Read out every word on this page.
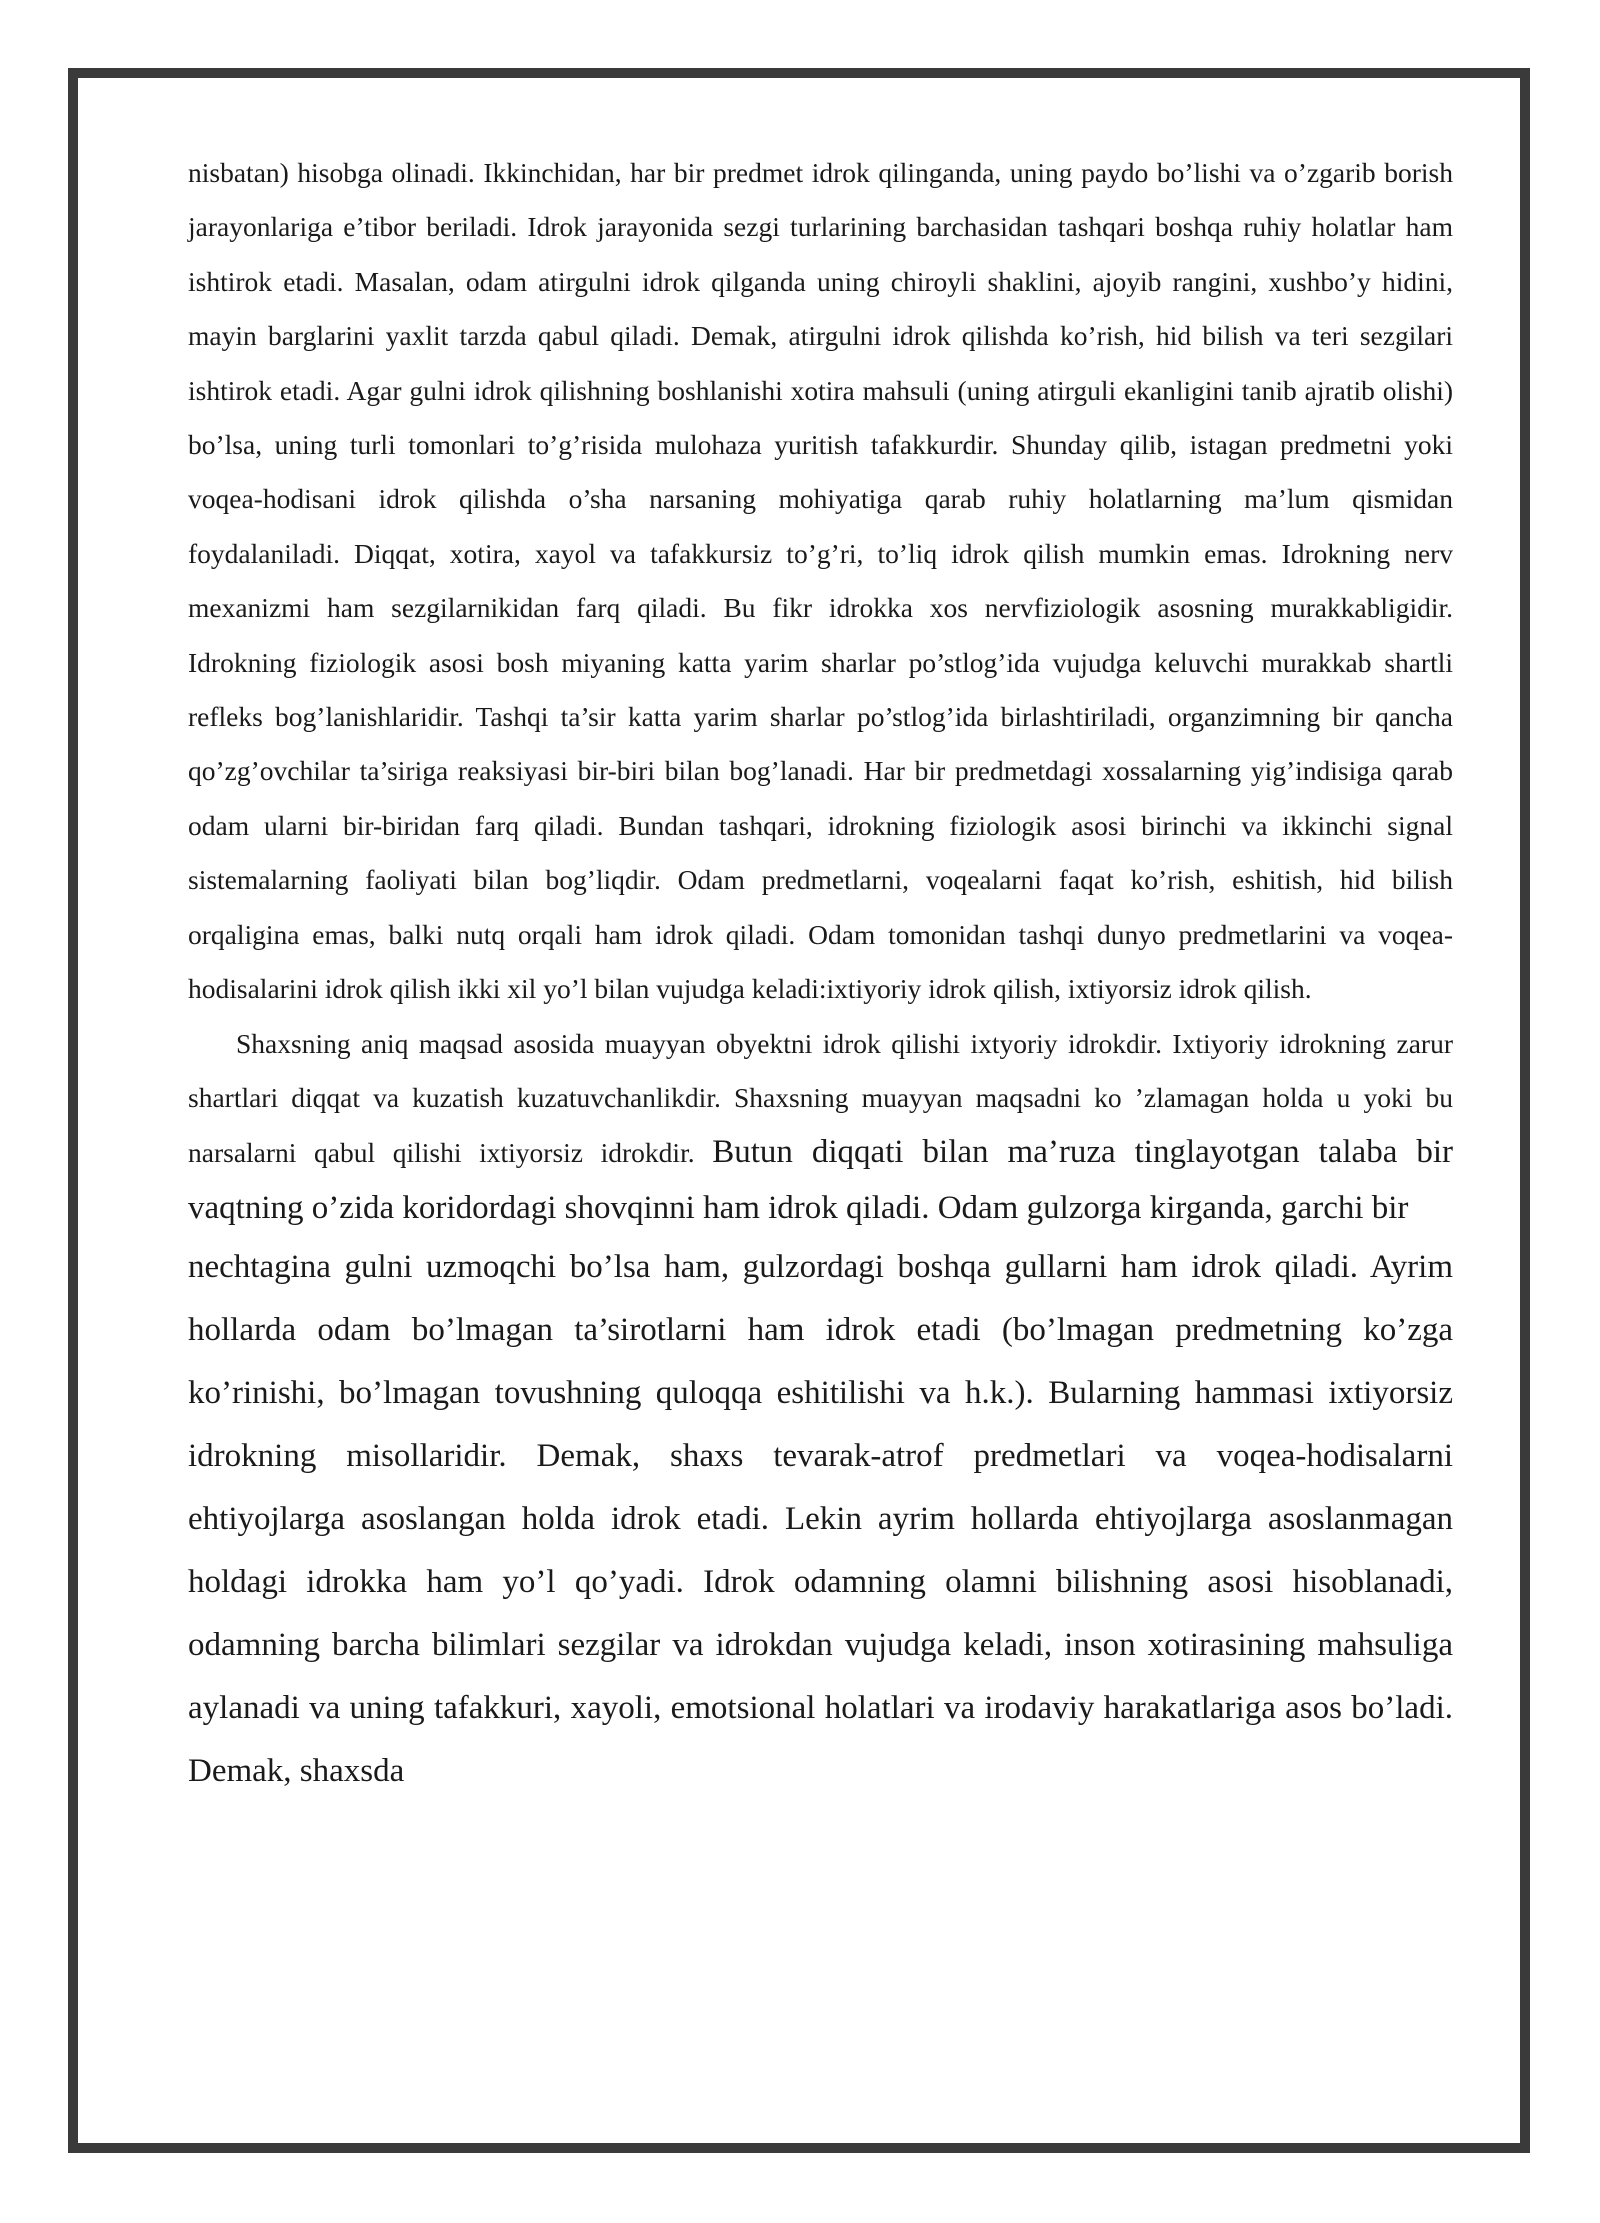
nisbatan) hisobga olinadi. Ikkinchidan, har bir predmet idrok qilinganda, uning paydo bo’lishi va o’zgarib borish jarayonlariga e’tibor beriladi. Idrok jarayonida sezgi turlarining barchasidan tashqari boshqa ruhiy holatlar ham ishtirok etadi. Masalan, odam atirgulni idrok qilganda uning chiroyli shaklini, ajoyib rangini, xushbo’y hidini, mayin barglarini yaxlit tarzda qabul qiladi. Demak, atirgulni idrok qilishda ko’rish, hid bilish va teri sezgilari ishtirok etadi. Agar gulni idrok qilishning boshlanishi xotira mahsuli (uning atirguli ekanligini tanib ajratib olishi) bo’lsa, uning turli tomonlari to’g’risida mulohaza yuritish tafakkurdir. Shunday qilib, istagan predmetni yoki voqea-hodisani idrok qilishda o’sha narsaning mohiyatiga qarab ruhiy holatlarning ma’lum qismidan foydalaniladi. Diqqat, xotira, xayol va tafakkursiz to’g’ri, to’liq idrok qilish mumkin emas. Idrokning nerv mexanizmi ham sezgilarnikidan farq qiladi. Bu fikr idrokka xos nervfiziologik asosning murakkabligidir. Idrokning fiziologik asosi bosh miyaning katta yarim sharlar po’stlog’ida vujudga keluvchi murakkab shartli refleks bog’lanishlaridir. Tashqi ta’sir katta yarim sharlar po’stlog’ida birlashtiriladi, organzimning bir qancha qo’zg’ovchilar ta’siriga reaksiyasi bir-biri bilan bog’lanadi. Har bir predmetdagi xossalarning yig’indisiga qarab odam ularni bir-biridan farq qiladi. Bundan tashqari, idrokning fiziologik asosi birinchi va ikkinchi signal sistemalarning faoliyati bilan bog’liqdir. Odam predmetlarni, voqealarni faqat ko’rish, eshitish, hid bilish orqaligina emas, balki nutq orqali ham idrok qiladi. Odam tomonidan tashqi dunyo predmetlarini va voqea-hodisalarini idrok qilish ikki xil yo’l bilan vujudga keladi:ixtiyoriy idrok qilish, ixtiyorsiz idrok qilish.

Shaxsning aniq maqsad asosida muayyan obyektni idrok qilishi ixtyoriy idrokdir. Ixtiyoriy idrokning zarur shartlari diqqat va kuzatish kuzatuvchanlikdir. Shaxsning muayyan maqsadni ko ’zlamagan holda u yoki bu narsalarni qabul qilishi ixtiyorsiz idrokdir. Butun diqqati bilan ma’ruza tinglayotgan talaba bir vaqtning o’zida koridordagi shovqinni ham idrok qiladi. Odam gulzorga kirganda, garchi bir

nechtagina gulni uzmoqchi bo’lsa ham, gulzordagi boshqa gullarni ham idrok qiladi. Ayrim hollarda odam bo’lmagan ta’sirotlarni ham idrok etadi (bo’lmagan predmetning ko’zga ko’rinishi, bo’lmagan tovushning quloqqa eshitilishi va h.k.). Bularning hammasi ixtiyorsiz idrokning misollaridir. Demak, shaxs tevarak-atrof predmetlari va voqea-hodisalarni ehtiyojlarga asoslangan holda idrok etadi. Lekin ayrim hollarda ehtiyojlarga asoslanmagan holdagi idrokka ham yo’l qo’yadi. Idrok odamning olamni bilishning asosi hisoblanadi, odamning barcha bilimlari sezgilar va idrokdan vujudga keladi, inson xotirasining mahsuliga aylanadi va uning tafakkuri, xayoli, emotsional holatlari va irodaviy harakatlariga asos bo’ladi. Demak, shaxsda
